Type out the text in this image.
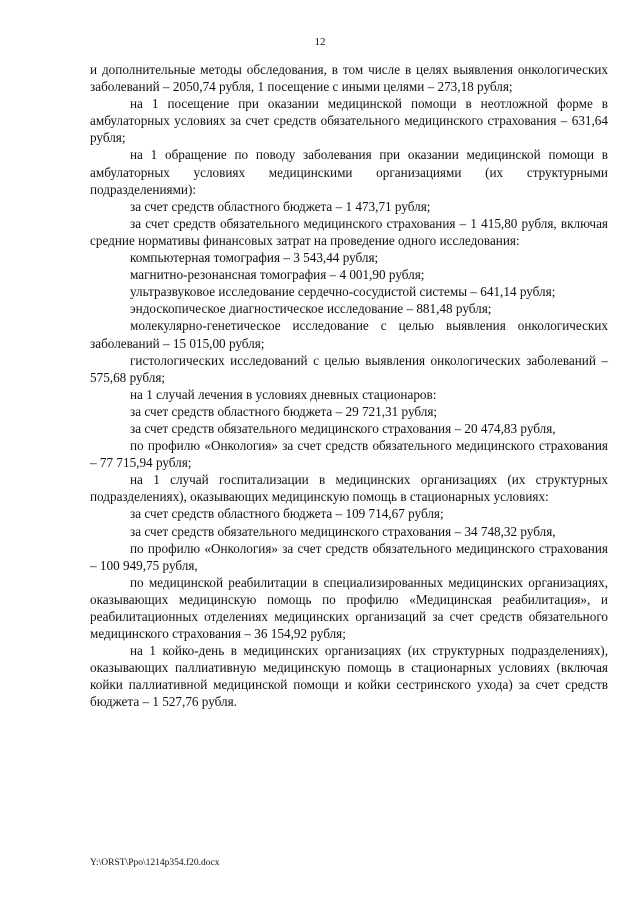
12

и дополнительные методы обследования, в том числе в целях выявления онкологических заболеваний – 2050,74 рубля, 1 посещение с иными целями – 273,18 рубля;

на 1 посещение при оказании медицинской помощи в неотложной форме в амбулаторных условиях за счет средств обязательного медицинского страхования – 631,64 рубля;

на 1 обращение по поводу заболевания при оказании медицинской помощи в амбулаторных условиях медицинскими организациями (их структурными подразделениями):

за счет средств областного бюджета – 1 473,71 рубля;

за счет средств обязательного медицинского страхования – 1 415,80 рубля, включая средние нормативы финансовых затрат на проведение одного исследования:

компьютерная томография – 3 543,44 рубля;

магнитно-резонансная томография – 4 001,90 рубля;

ультразвуковое исследование сердечно-сосудистой системы – 641,14 рубля;

эндоскопическое диагностическое исследование – 881,48 рубля;

молекулярно-генетическое исследование с целью выявления онкологических заболеваний – 15 015,00 рубля;

гистологических исследований с целью выявления онкологических заболеваний – 575,68 рубля;

на 1 случай лечения в условиях дневных стационаров:

за счет средств областного бюджета – 29 721,31 рубля;

за счет средств обязательного медицинского страхования – 20 474,83 рубля,

по профилю «Онкология» за счет средств обязательного медицинского страхования – 77 715,94 рубля;

на 1 случай госпитализации в медицинских организациях (их структурных подразделениях), оказывающих медицинскую помощь в стационарных условиях:

за счет средств областного бюджета – 109 714,67 рубля;

за счет средств обязательного медицинского страхования – 34 748,32 рубля,

по профилю «Онкология» за счет средств обязательного медицинского страхования – 100 949,75 рубля,

по медицинской реабилитации в специализированных медицинских организациях, оказывающих медицинскую помощь по профилю «Медицинская реабилитация», и реабилитационных отделениях медицинских организаций за счет средств обязательного медицинского страхования – 36 154,92 рубля;

на 1 койко-день в медицинских организациях (их структурных подразделениях), оказывающих паллиативную медицинскую помощь в стационарных условиях (включая койки паллиативной медицинской помощи и койки сестринского ухода) за счет средств бюджета – 1 527,76 рубля.

Y:\ORST\Ppo\1214p354.f20.docx
